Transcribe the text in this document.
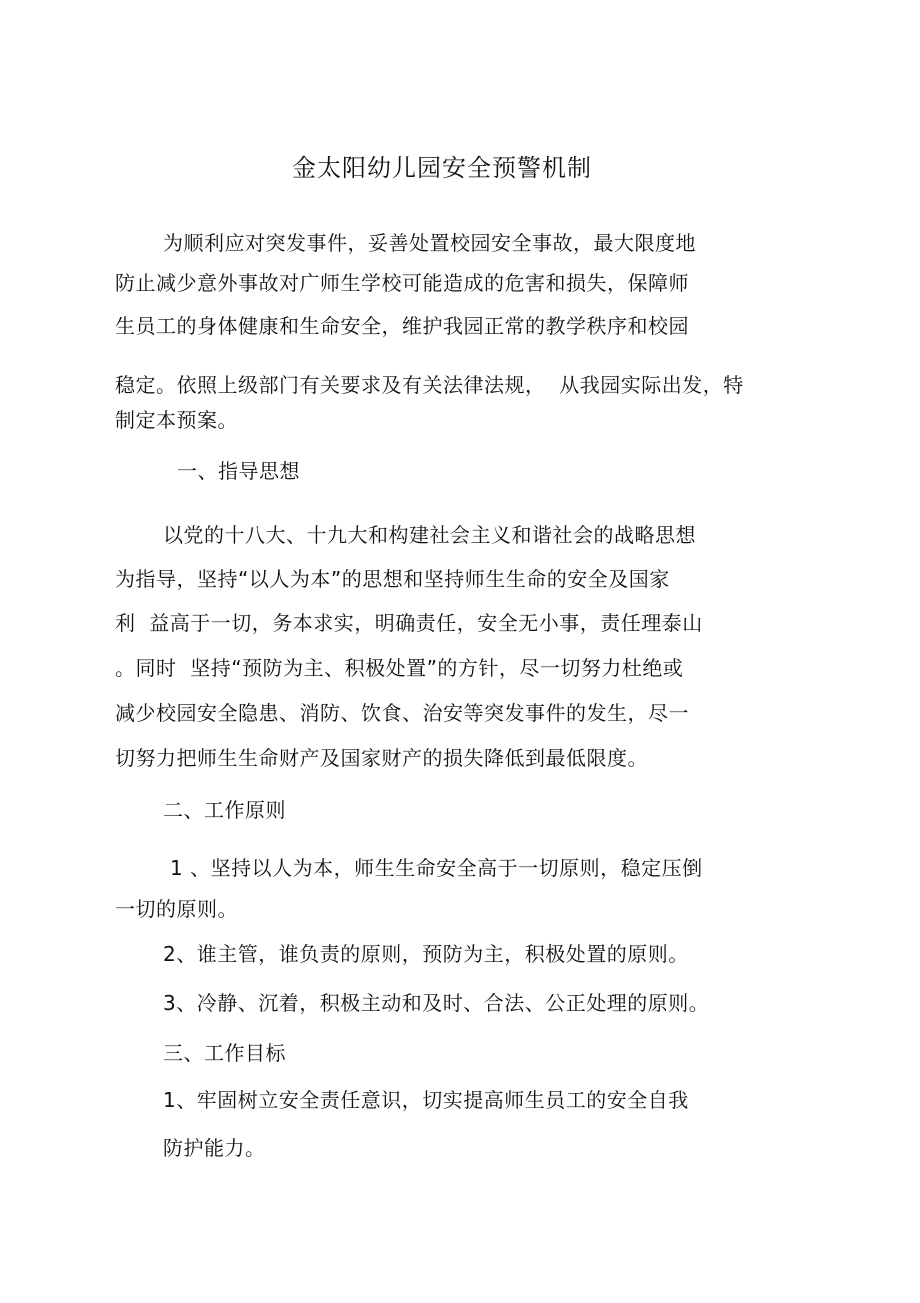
金太阳幼儿园安全预警机制
为顺利应对突发事件，妥善处置校园安全事故，最大限度地
防止减少意外事故对广师生学校可能造成的危害和损失，保障师
生员工的身体健康和生命安全，维护我园正常的教学秩序和校园
稳定。依照上级部门有关要求及有关法律法规，  从我园实际出发，特
制定本预案。
一、指导思想
以党的十八大、十九大和构建社会主义和谐社会的战略思想
为指导，坚持“以人为本”的思想和坚持师生生命的安全及国家
利  益高于一切，务本求实，明确责任，安全无小事，责任理泰山
。同时  坚持“预防为主、积极处置”的方针，尽一切努力杜绝或
减少校园安全隐患、消防、饮食、治安等突发事件的发生，尽一
切努力把师生生命财产及国家财产的损失降低到最低限度。
二、工作原则
1 、坚持以人为本，师生生命安全高于一切原则，稳定压倒
一切的原则。
2、谁主管，谁负责的原则，预防为主，积极处置的原则。
3、冷静、沉着，积极主动和及时、合法、公正处理的原则。
三、工作目标
1、牢固树立安全责任意识，切实提高师生员工的安全自我
防护能力。
